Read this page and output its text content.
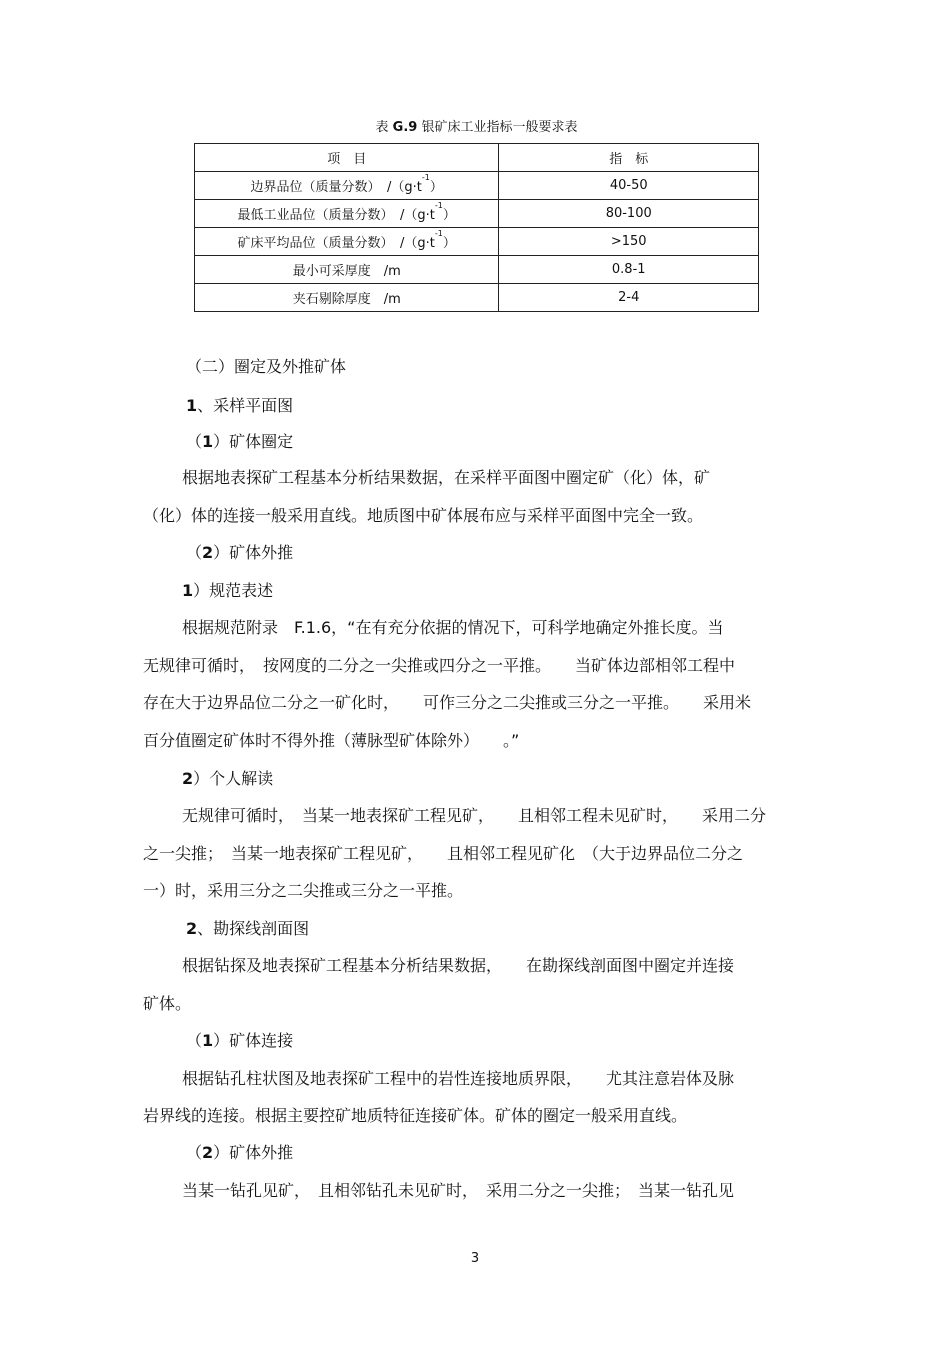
表 G.9 银矿床工业指标一般要求表
项　目	指　标
边界品位（质量分数）　$/(g\cdot t^{-1})$	40-50
最低工业品位（质量分数）　$/(g\cdot t^{-1})$	80-100
矿床平均品位（质量分数）　$/(g\cdot t^{-1})$	>150
最小可采厚度　/m	0.8-1
夹石剔除厚度　/m	2-4
（二）圈定及外推矿体
1、采样平面图
（1）矿体圈定
根据地表探矿工程基本分析结果数据，在采样平面图中圈定矿（化）体，矿
（化）体的连接一般采用直线。地质图中矿体展布应与采样平面图中完全一致。
（2）矿体外推
1）规范表述
根据规范附录　F.1.6，“在有充分依据的情况下，可科学地确定外推长度。当
无规律可循时，　按网度的二分之一尖推或四分之一平推。　　当矿体边部相邻工程中
存在大于边界品位二分之一矿化时，　　可作三分之二尖推或三分之一平推。　　采用米
百分值圈定矿体时不得外推（薄脉型矿体除外）　　。”
2）个人解读
无规律可循时，　当某一地表探矿工程见矿，　　且相邻工程未见矿时，　　采用二分
之一尖推；　当某一地表探矿工程见矿，　　且相邻工程见矿化　（大于边界品位二分之
一）时，采用三分之二尖推或三分之一平推。
2、勘探线剖面图
根据钻探及地表探矿工程基本分析结果数据，　　在勘探线剖面图中圈定并连接
矿体。
（1）矿体连接
根据钻孔柱状图及地表探矿工程中的岩性连接地质界限，　　尤其注意岩体及脉
岩界线的连接。根据主要控矿地质特征连接矿体。矿体的圈定一般采用直线。
（2）矿体外推
当某一钻孔见矿，　且相邻钻孔未见矿时，　采用二分之一尖推；　当某一钻孔见
3
